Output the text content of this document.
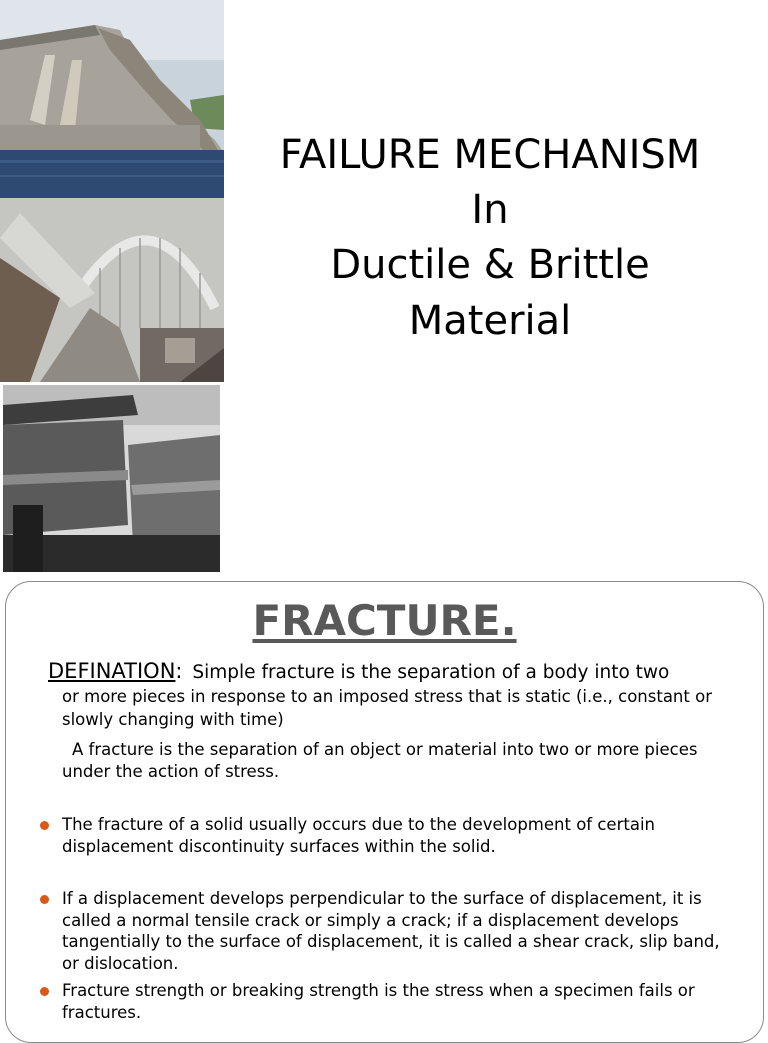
FAILURE MECHANISM
In
Ductile & Brittle
Material
FRACTURE.
DEFINATION: Simple fracture is the separation of a body into two
or more pieces in response to an imposed stress that is static (i.e., constant or slowly changing with time)
A fracture is the separation of an object or material into two or more pieces under the action of stress.
The fracture of a solid usually occurs due to the development of certain displacement discontinuity surfaces within the solid.
If a displacement develops perpendicular to the surface of displacement, it is called a normal tensile crack or simply a crack; if a displacement develops tangentially to the surface of displacement, it is called a shear crack, slip band, or dislocation.
Fracture strength or breaking strength is the stress when a specimen fails or fractures.
